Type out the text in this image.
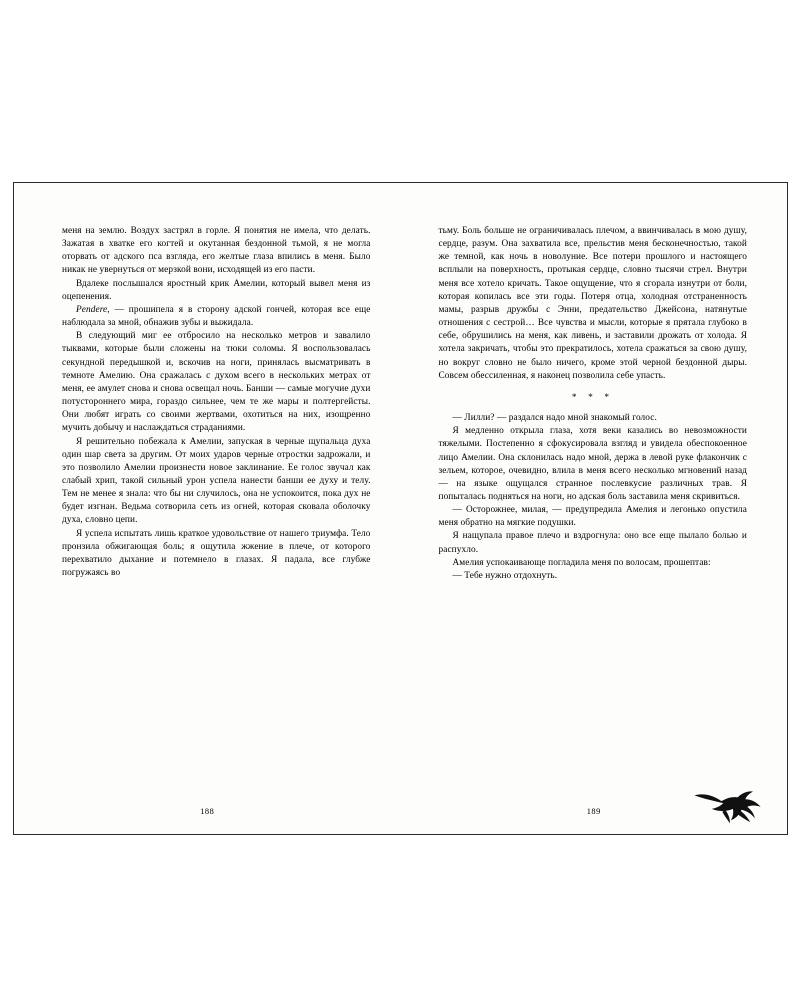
меня на землю. Воздух застрял в горле. Я понятия не имела, что делать. Зажатая в хватке его когтей и окутанная бездонной тьмой, я не могла оторвать от адского пса взгляда, его желтые глаза впились в меня. Было никак не увернуться от мерзкой вони, исходящей из его пасти.

Вдалеке послышался яростный крик Амелии, который вывел меня из оцепенения.

Pendere, — прошипела я в сторону адской гончей, которая все еще наблюдала за мной, обнажив зубы и выжидала.

В следующий миг ее отбросило на несколько метров и завалило тыквами, которые были сложены на тюки соломы. Я воспользовалась секундной передышкой и, вскочив на ноги, принялась высматривать в темноте Амелию. Она сражалась с духом всего в нескольких метрах от меня, ее амулет снова и снова освещал ночь. Банши — самые могучие духи потустороннего мира, гораздо сильнее, чем те же мары и полтергейсты. Они любят играть со своими жертвами, охотиться на них, изощренно мучить добычу и наслаждаться страданиями.

Я решительно побежала к Амелии, запуская в черные щупальца духа один шар света за другим. От моих ударов черные отростки задрожали, и это позволило Амелии произнести новое заклинание. Ее голос звучал как слабый хрип, такой сильный урон успела нанести банши ее духу и телу. Тем не менее я знала: что бы ни случилось, она не успокоится, пока дух не будет изгнан. Ведьма сотворила сеть из огней, которая сковала оболочку духа, словно цепи.

Я успела испытать лишь краткое удовольствие от нашего триумфа. Тело пронзила обжигающая боль; я ощутила жжение в плече, от которого перехватило дыхание и потемнело в глазах. Я падала, все глубже погружаясь во

188

тьму. Боль больше не ограничивалась плечом, а ввинчивалась в мою душу, сердце, разум. Она захватила все, прельстив меня бесконечностью, такой же темной, как ночь в новолуние. Все потери прошлого и настоящего всплыли на поверхность, протыкая сердце, словно тысячи стрел. Внутри меня все хотело кричать. Такое ощущение, что я сгорала изнутри от боли, которая копилась все эти годы. Потеря отца, холодная отстраненность мамы, разрыв дружбы с Энни, предательство Джейсона, натянутые отношения с сестрой… Все чувства и мысли, которые я прятала глубоко в себе, обрушились на меня, как ливень, и заставили дрожать от холода. Я хотела закричать, чтобы это прекратилось, хотела сражаться за свою душу, но вокруг словно не было ничего, кроме этой черной бездонной дыры. Совсем обессиленная, я наконец позволила себе упасть.

* * *

— Лилли? — раздался надо мной знакомый голос.

Я медленно открыла глаза, хотя веки казались во невозможности тяжелыми. Постепенно я сфокусировала взгляд и увидела обеспокоенное лицо Амелии. Она склонилась надо мной, держа в левой руке флакончик с зельем, которое, очевидно, влила в меня всего несколько мгновений назад — на языке ощущался странное послевкусие различных трав. Я попыталась подняться на ноги, но адская боль заставила меня скривиться.

— Осторожнее, милая, — предупредила Амелия и легонько опустила меня обратно на мягкие подушки.

Я нащупала правое плечо и вздрогнула: оно все еще пылало болью и распухло.

Амелия успокаивающе погладила меня по волосам, прошептав:

— Тебе нужно отдохнуть.

189
